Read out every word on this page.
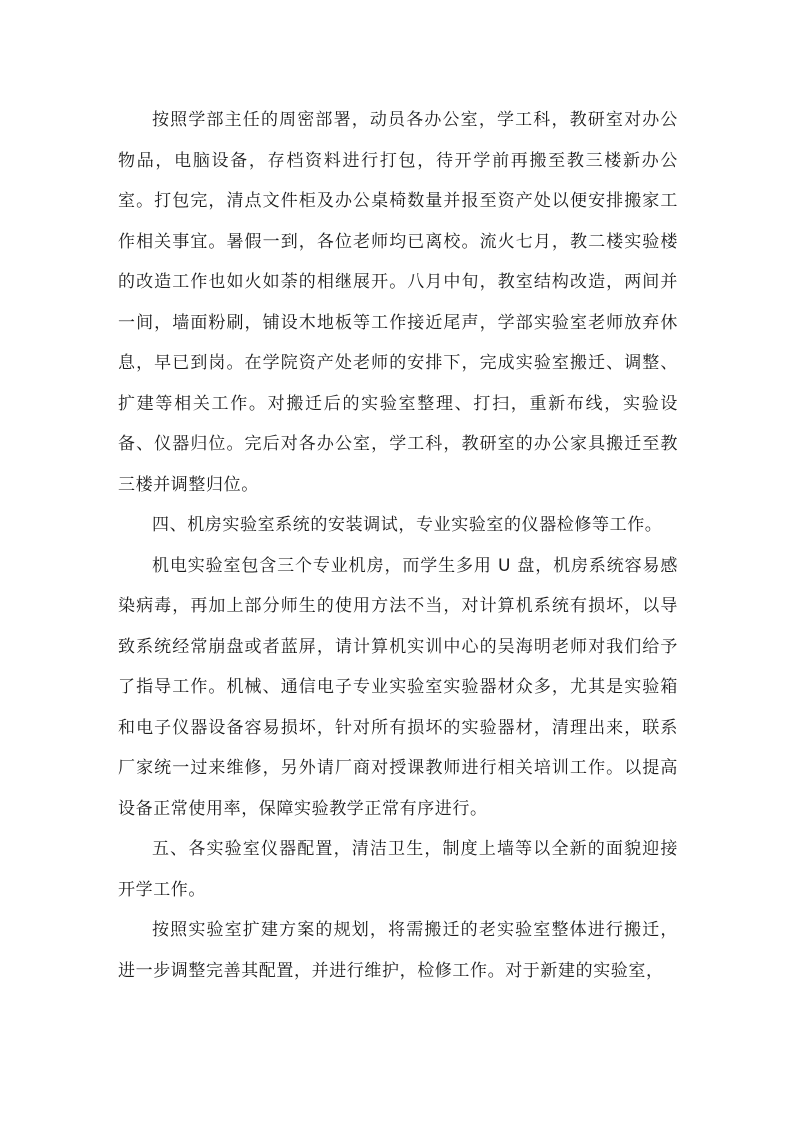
按照学部主任的周密部署，动员各办公室，学工科，教研室对办公物品，电脑设备，存档资料进行打包，待开学前再搬至教三楼新办公室。打包完，清点文件柜及办公桌椅数量并报至资产处以便安排搬家工作相关事宜。暑假一到，各位老师均已离校。流火七月，教二楼实验楼的改造工作也如火如荼的相继展开。八月中旬，教室结构改造，两间并一间，墙面粉刷，铺设木地板等工作接近尾声，学部实验室老师放弃休息，早已到岗。在学院资产处老师的安排下，完成实验室搬迁、调整、扩建等相关工作。对搬迁后的实验室整理、打扫，重新布线，实验设备、仪器归位。完后对各办公室，学工科，教研室的办公家具搬迁至教三楼并调整归位。

四、机房实验室系统的安装调试，专业实验室的仪器检修等工作。

机电实验室包含三个专业机房，而学生多用 U 盘，机房系统容易感染病毒，再加上部分师生的使用方法不当，对计算机系统有损坏，以导致系统经常崩盘或者蓝屏，请计算机实训中心的吴海明老师对我们给予了指导工作。机械、通信电子专业实验室实验器材众多，尤其是实验箱和电子仪器设备容易损坏，针对所有损坏的实验器材，清理出来，联系厂家统一过来维修，另外请厂商对授课教师进行相关培训工作。以提高设备正常使用率，保障实验教学正常有序进行。

五、各实验室仪器配置，清洁卫生，制度上墙等以全新的面貌迎接开学工作。

按照实验室扩建方案的规划，将需搬迁的老实验室整体进行搬迁，进一步调整完善其配置，并进行维护，检修工作。对于新建的实验室，
